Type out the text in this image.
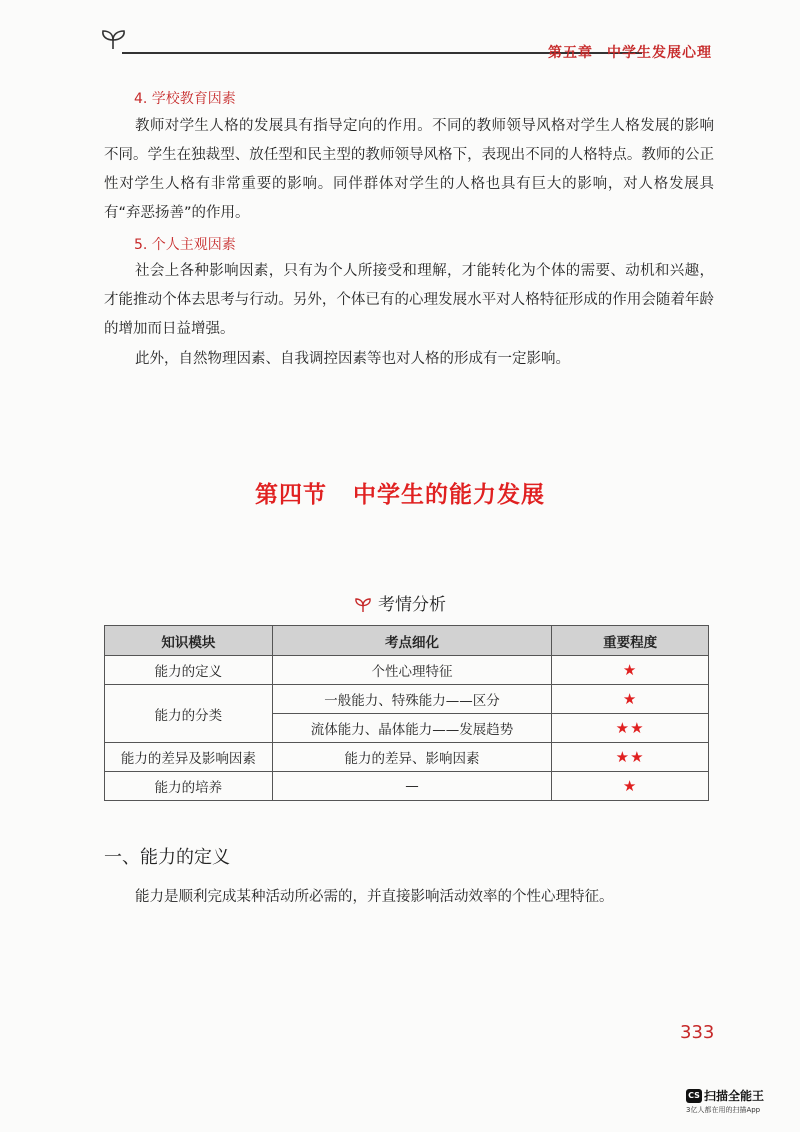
第五章 中学生发展心理
4. 学校教育因素

教师对学生人格的发展具有指导定向的作用。不同的教师领导风格对学生人格发展的影响不同。学生在独裁型、放任型和民主型的教师领导风格下，表现出不同的人格特点。教师的公正性对学生人格有非常重要的影响。同伴群体对学生的人格也具有巨大的影响，对人格发展具有“弃恶扬善”的作用。

5. 个人主观因素

社会上各种影响因素，只有为个人所接受和理解，才能转化为个体的需要、动机和兴趣，才能推动个体去思考与行动。另外，个体已有的心理发展水平对人格特征形成的作用会随着年龄的增加而日益增强。

此外，自然物理因素、自我调控因素等也对人格的形成有一定影响。

第四节 中学生的能力发展
考情分析
知识模块	考点细化	重要程度
能力的定义	个性心理特征	★
能力的分类	一般能力、特殊能力——区分	★
	流体能力、晶体能力——发展趋势	★★
能力的差异及影响因素	能力的差异、影响因素	★★
能力的培养	—	★
一、能力的定义

能力是顺利完成某种活动所必需的，并直接影响活动效率的个性心理特征。

333
CS 扫描全能王
3亿人都在用的扫描App
